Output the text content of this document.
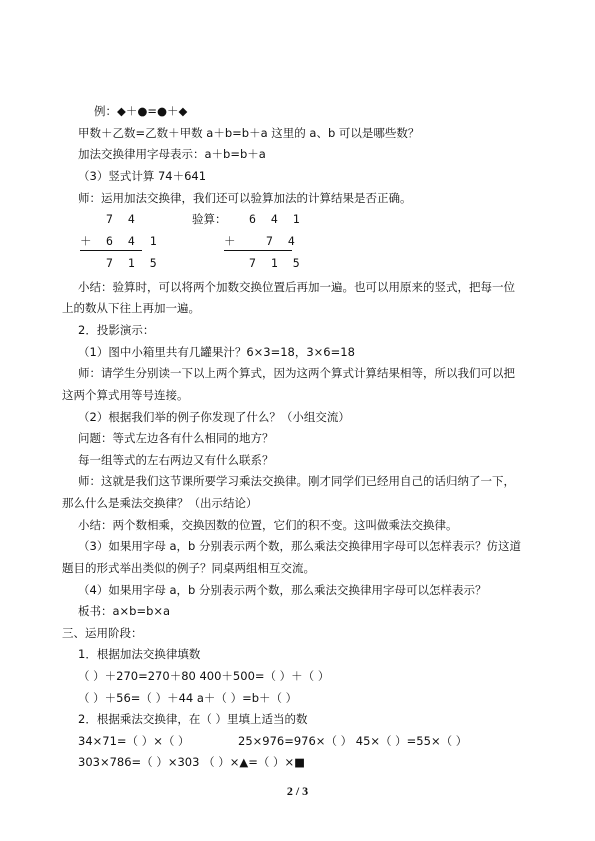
例：◆＋●=●＋◆
甲数＋乙数=乙数＋甲数 a＋b=b＋a 这里的 a、b 可以是哪些数？
加法交换律用字母表示：a＋b=b＋a
（3）竖式计算 74＋641
师：运用加法交换律，我们还可以验算加法的计算结果是否正确。
7 4	验算： 6 4 1
＋ 6 4 1	＋	7 4
7 1 5	7 1 5
小结：验算时，可以将两个加数交换位置后再加一遍。也可以用原来的竖式，把每一位
上的数从下往上再加一遍。
2．投影演示：
（1）图中小箱里共有几罐果汁？6×3=18，3×6=18
师：请学生分别读一下以上两个算式，因为这两个算式计算结果相等，所以我们可以把
这两个算式用等号连接。
（2）根据我们举的例子你发现了什么？（小组交流）
问题：等式左边各有什么相同的地方？
每一组等式的左右两边又有什么联系？
师：这就是我们这节课所要学习乘法交换律。刚才同学们已经用自己的话归纳了一下，
那么什么是乘法交换律？（出示结论）
小结：两个数相乘，交换因数的位置，它们的积不变。这叫做乘法交换律。
（3）如果用字母 a，b 分别表示两个数，那么乘法交换律用字母可以怎样表示？仿这道
题目的形式举出类似的例子？同桌两组相互交流。
（4）如果用字母 a，b 分别表示两个数，那么乘法交换律用字母可以怎样表示？
板书：a×b=b×a
三、运用阶段：
1．根据加法交换律填数
（ ）＋270=270＋80 400＋500=（ ）＋（ ）
（ ）＋56=（ ）＋44 a＋（ ）=b＋（ ）
2．根据乘法交换律，在（ ）里填上适当的数
34×71=（ ）×（ ）	25×976=976×（ ） 45×（ ）=55×（ ）
303×786=（ ）×303 （ ）×▲=（ ）×■
2 / 3
